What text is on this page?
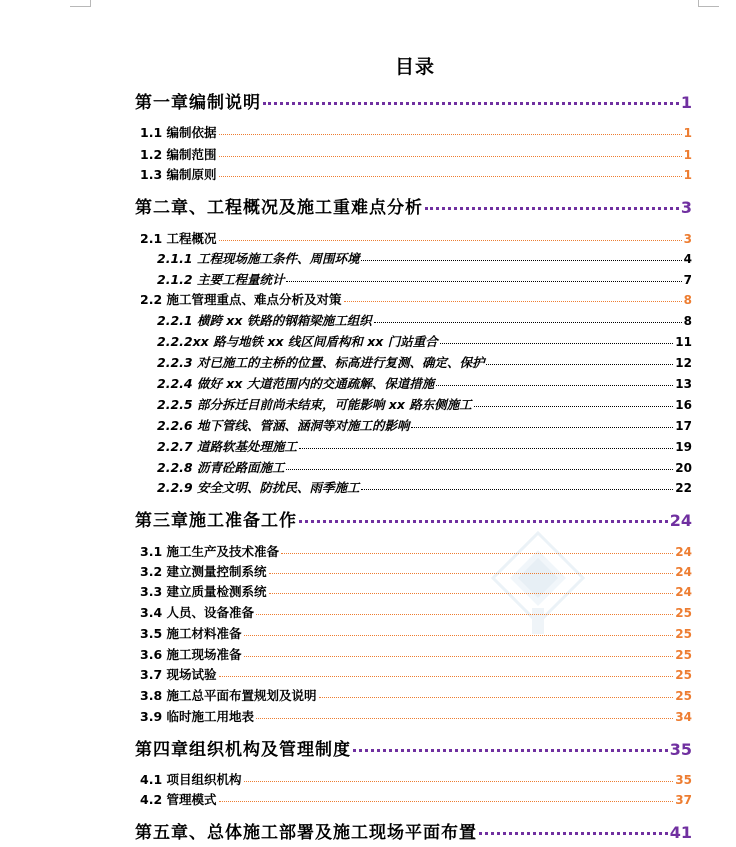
目录
第一章编制说明	1
1.1 编制依据	1
1.2 编制范围	1
1.3 编制原则	1
第二章、工程概况及施工重难点分析	3
2.1 工程概况	3
2.1.1 工程现场施工条件、周围环境	4
2.1.2 主要工程量统计	7
2.2 施工管理重点、难点分析及对策	8
2.2.1 横跨 xx 铁路的钢箱梁施工组织	8
2.2.2xx 路与地铁 xx 线区间盾构和 xx 门站重合	11
2.2.3 对已施工的主桥的位置、标高进行复测、确定、保护	12
2.2.4 做好 xx 大道范围内的交通疏解、保道措施	13
2.2.5 部分拆迁目前尚未结束，可能影响 xx 路东侧施工	16
2.2.6 地下管线、管涵、涵洞等对施工的影响	17
2.2.7 道路软基处理施工	19
2.2.8 沥青砼路面施工	20
2.2.9 安全文明、防扰民、雨季施工	22
第三章施工准备工作	24
3.1 施工生产及技术准备	24
3.2 建立测量控制系统	24
3.3 建立质量检测系统	24
3.4 人员、设备准备	25
3.5 施工材料准备	25
3.6 施工现场准备	25
3.7 现场试验	25
3.8 施工总平面布置规划及说明	25
3.9 临时施工用地表	34
第四章组织机构及管理制度	35
4.1 项目组织机构	35
4.2 管理模式	37
第五章、总体施工部署及施工现场平面布置	41
